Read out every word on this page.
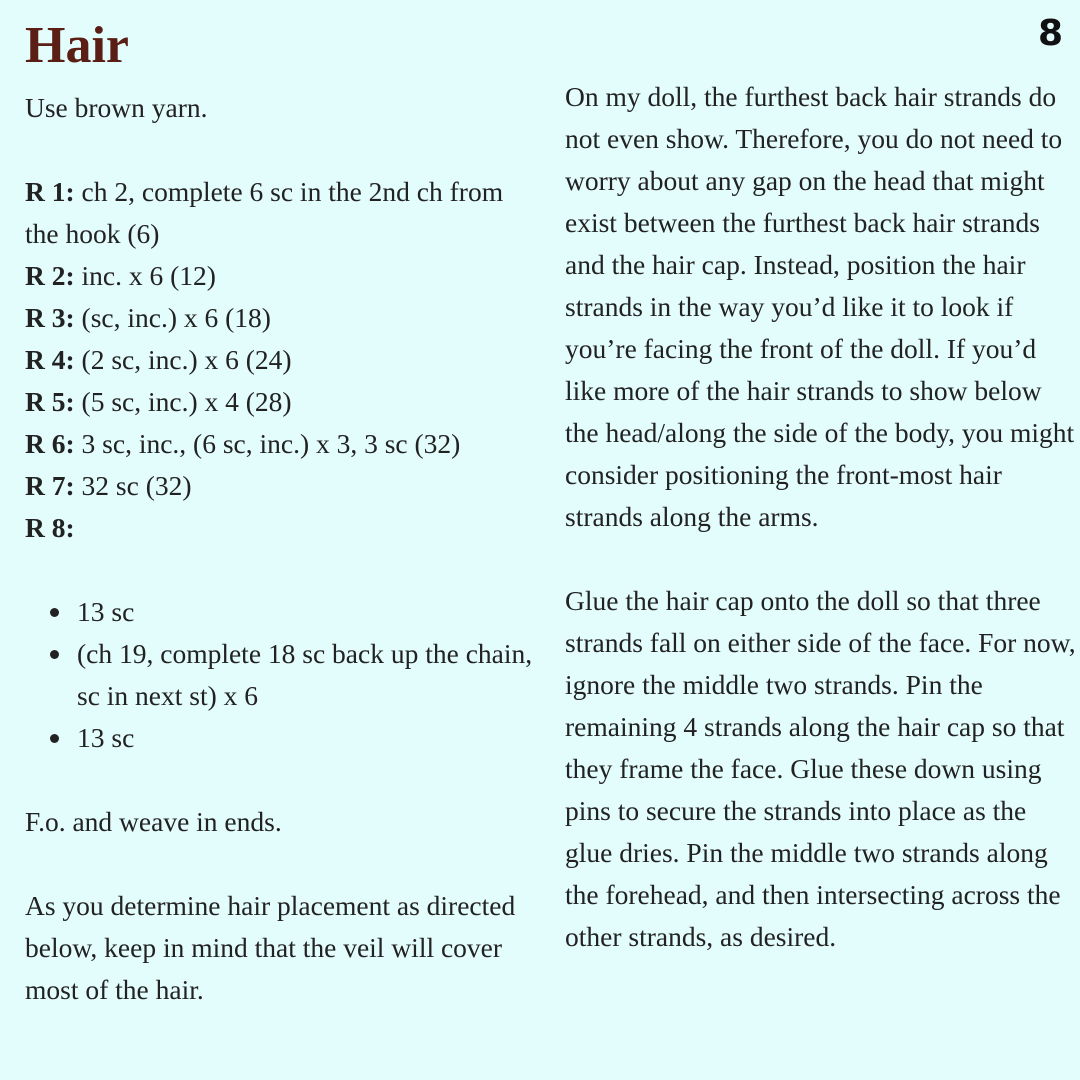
8
Hair

Use brown yarn.

R 1: ch 2, complete 6 sc in the 2nd ch from the hook (6)

R 2: inc. x 6 (12)

R 3: (sc, inc.) x 6 (18)

R 4: (2 sc, inc.) x 6 (24)

R 5: (5 sc, inc.) x 4 (28)

R 6: 3 sc, inc., (6 sc, inc.) x 3, 3 sc (32)

R 7: 32 sc (32)

R 8:

13 sc
(ch 19, complete 18 sc back up the chain, sc in next st) x 6
13 sc

F.o. and weave in ends.

As you determine hair placement as directed below, keep in mind that the veil will cover most of the hair.

On my doll, the furthest back hair strands do not even show. Therefore, you do not need to worry about any gap on the head that might exist between the furthest back hair strands and the hair cap. Instead, position the hair strands in the way you’d like it to look if you’re facing the front of the doll. If you’d like more of the hair strands to show below the head/along the side of the body, you might consider positioning the front-most hair strands along the arms.

Glue the hair cap onto the doll so that three strands fall on either side of the face. For now, ignore the middle two strands. Pin the remaining 4 strands along the hair cap so that they frame the face. Glue these down using pins to secure the strands into place as the glue dries. Pin the middle two strands along the forehead, and then intersecting across the other strands, as desired.
